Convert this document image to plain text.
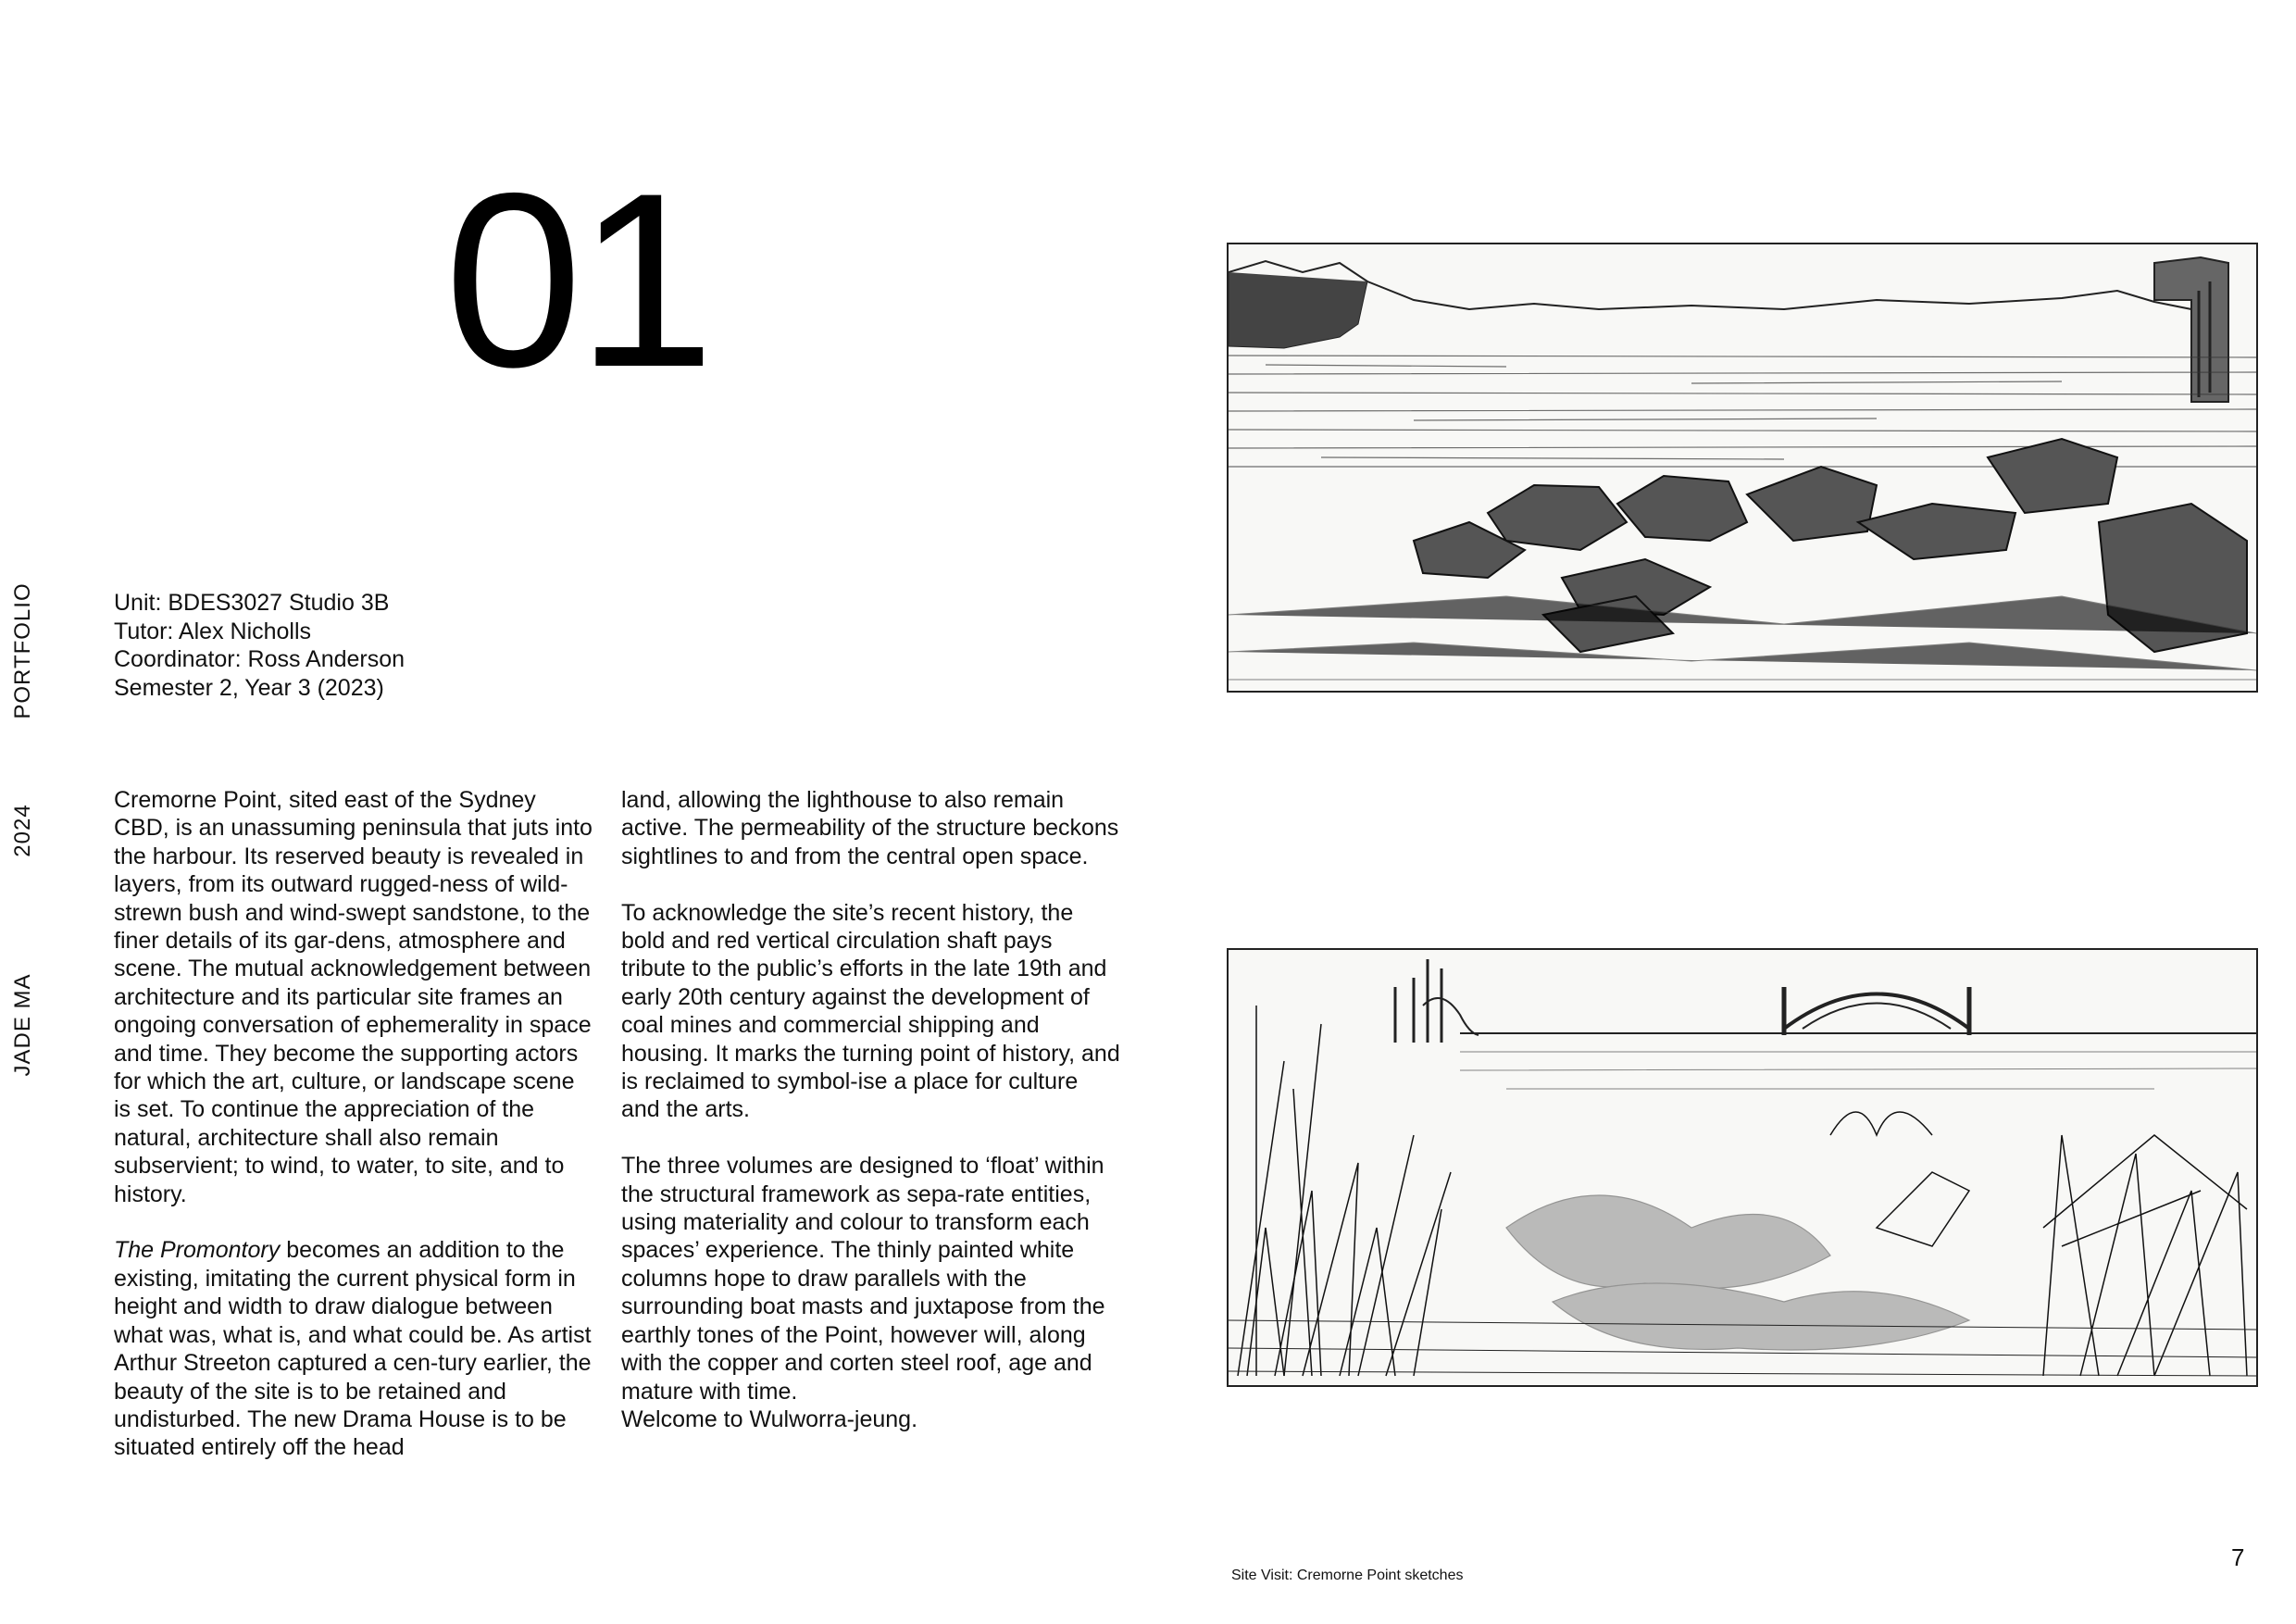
PORTFOLIO
2024
JADE MA
01
Unit: BDES3027 Studio 3B
Tutor: Alex Nicholls
Coordinator: Ross Anderson
Semester 2, Year 3 (2023)

Cremorne Point, sited east of the Sydney CBD, is an unassuming peninsula that juts into the harbour. Its reserved beauty is revealed in layers, from its outward rugged-ness of wild-strewn bush and wind-swept sandstone, to the finer details of its gar-dens, atmosphere and scene. The mutual acknowledgement between architecture and its particular site frames an ongoing conversation of ephemerality in space and time. They become the supporting actors for which the art, culture, or landscape scene is set. To continue the appreciation of the natural, architecture shall also remain subservient; to wind, to water, to site, and to history.

The Promontory becomes an addition to the existing, imitating the current physical form in height and width to draw dialogue between what was, what is, and what could be. As artist Arthur Streeton captured a cen-tury earlier, the beauty of the site is to be retained and undisturbed. The new Drama House is to be situated entirely off the head

land, allowing the lighthouse to also remain active. The permeability of the structure beckons sightlines to and from the central open space.

To acknowledge the site’s recent history, the bold and red vertical circulation shaft pays tribute to the public’s efforts in the late 19th and early 20th century against the development of coal mines and commercial shipping and housing. It marks the turning point of history, and is reclaimed to symbol-ise a place for culture and the arts.

The three volumes are designed to ‘float’ within the structural framework as sepa-rate entities, using materiality and colour to transform each spaces’ experience. The thinly painted white columns hope to draw parallels with the surrounding boat masts and juxtapose from the earthly tones of the Point, however will, along with the copper and corten steel roof, age and mature with time.

Welcome to Wulworra-jeung.

Site Visit: Cremorne Point sketches
7
